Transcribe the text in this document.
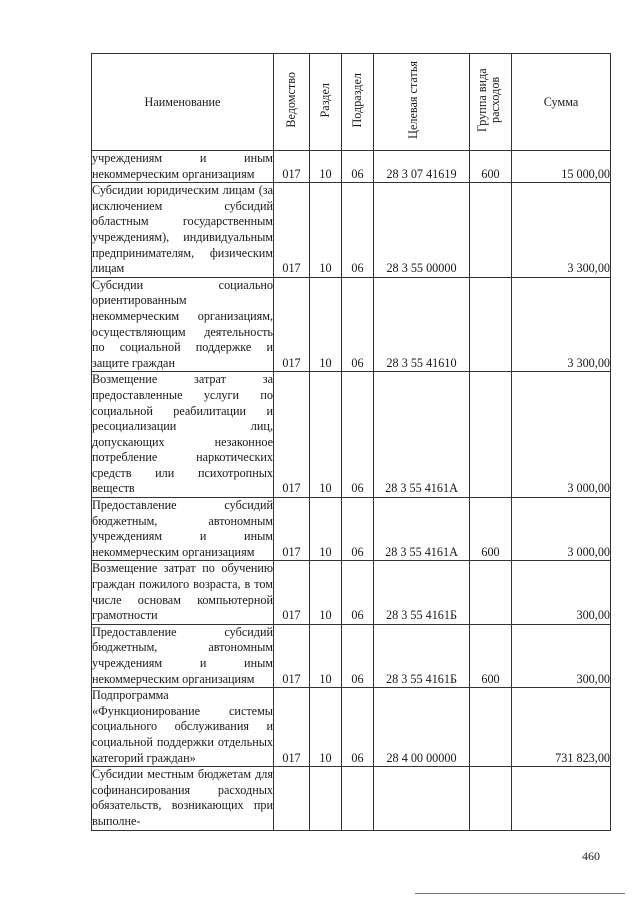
Наименование	Ведомство	Раздел	Подраздел	Целевая статья	Группа вида расходов	Сумма

учреждениям и иным некоммерческим организациям	017	10	06	28 3 07 41619	600	15 000,00

Субсидии юридическим лицам (за исключением субсидий областным государственным учреждениям), индивидуальным предпринимателям, физическим лицам	017	10	06	28 3 55 00000		3 300,00

Субсидии социально ориентированным некоммерческим организациям, осуществляющим деятельность по социальной поддержке и защите граждан	017	10	06	28 3 55 41610		3 300,00

Возмещение затрат за предоставленные услуги по социальной реабилитации и ресоциализации лиц, допускающих незаконное потребление наркотических средств или психотропных веществ	017	10	06	28 3 55 4161А		3 000,00

Предоставление субсидий бюджетным, автономным учреждениям и иным некоммерческим организациям	017	10	06	28 3 55 4161А	600	3 000,00

Возмещение затрат по обучению граждан пожилого возраста, в том числе основам компьютерной грамотности	017	10	06	28 3 55 4161Б		300,00

Предоставление субсидий бюджетным, автономным учреждениям и иным некоммерческим организациям	017	10	06	28 3 55 4161Б	600	300,00

Подпрограмма «Функционирование системы социального обслуживания и социальной поддержки отдельных категорий граждан»	017	10	06	28 4 00 00000		731 823,00

Субсидии местным бюджетам для софинансирования расходных обязательств, возникающих при выполне-						

460
